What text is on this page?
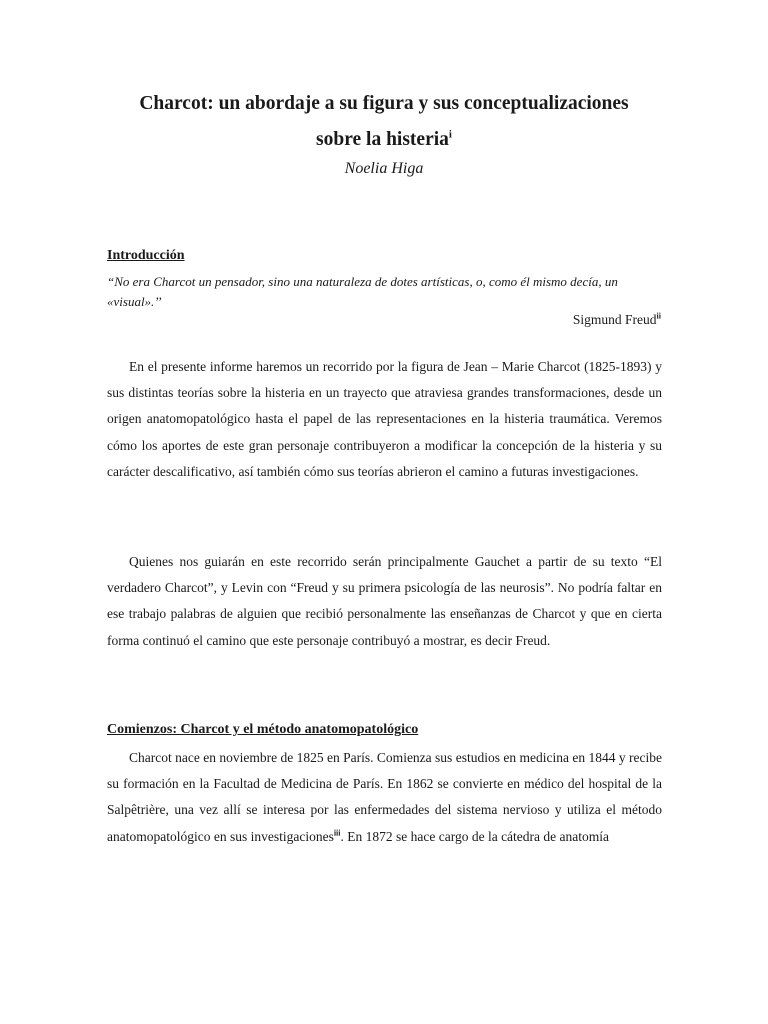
Charcot: un abordaje a su figura y sus conceptualizaciones
sobre la histeria$^i$
Noelia Higa
Introducción
“No era Charcot un pensador, sino una naturaleza de dotes artísticas, o, como él mismo decía, un «visual».’’
Sigmund Freud$^{ii}$

En el presente informe haremos un recorrido por la figura de Jean – Marie Charcot (1825-1893) y sus distintas teorías sobre la histeria en un trayecto que atraviesa grandes transformaciones, desde un origen anatomopatológico hasta el papel de las representaciones en la histeria traumática. Veremos cómo los aportes de este gran personaje contribuyeron a modificar la concepción de la histeria y su carácter descalificativo, así también cómo sus teorías abrieron el camino a futuras investigaciones.

Quienes nos guiarán en este recorrido serán principalmente Gauchet a partir de su texto “El verdadero Charcot”, y Levin con “Freud y su primera psicología de las neurosis”. No podría faltar en ese trabajo palabras de alguien que recibió personalmente las enseñanzas de Charcot y que en cierta forma continuó el camino que este personaje contribuyó a mostrar, es decir Freud.

Comienzos: Charcot y el método anatomopatológico

Charcot nace en noviembre de 1825 en París. Comienza sus estudios en medicina en 1844 y recibe su formación en la Facultad de Medicina de París. En 1862 se convierte en médico del hospital de la Salpêtrière, una vez allí se interesa por las enfermedades del sistema nervioso y utiliza el método anatomopatológico en sus investigaciones$^{iii}$. En 1872 se hace cargo de la cátedra de anatomía
